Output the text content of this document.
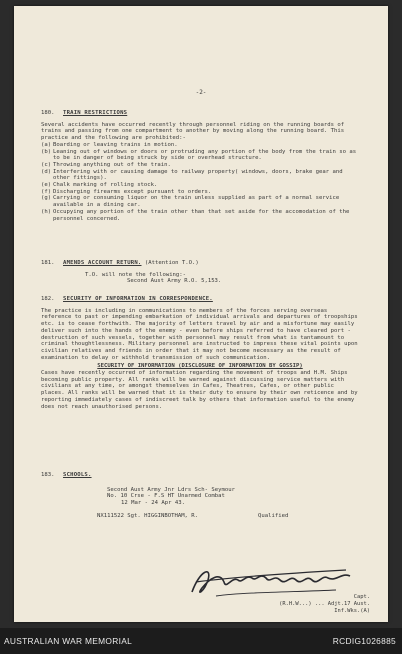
-2-

180. TRAIN RESTRICTIONS

Several accidents have occurred recently through personnel riding on the running boards of trains and passing from one compartment to another by moving along the running board. This practice and the following are prohibited:-

(a) Boarding or leaving trains in motion.
(b) Leaning out of windows or doors or protruding any portion of the body from the train so as to be in danger of being struck by side or overhead structure.
(c) Throwing anything out of the train.
(d) Interfering with or causing damage to railway property( windows, doors, brake gear and other fittings).
(e) Chalk marking of rolling stock.
(f) Discharging firearms except pursuant to orders.
(g) Carrying or consuming liquor on the train unless supplied as part of a normal service available in a dining car.
(h) Occupying any portion of the train other than that set aside for the accomodation of the personnel concerned.

181. AMENDS ACCOUNT RETURN. (Attention T.O.)

T.O. will note the following:-

Second Aust Army R.O. 5,153.

182. SECURITY OF INFORMATION IN CORRESPONDENCE.

The practice is including in communications to members of the forces serving overseas reference to past or impending embarkation of individual arrivals and departures of troopships etc. is to cease forthwith. The majority of letters travel by air and a misfortune may easily deliver such into the hands of the enemy - even before ships referred to have cleared port - destruction of such vessels, together with personnel may result from what is tantamount to criminal thoughtlessness. Military personnel are instructed to impress these vital points upon civilian relatives and friends in order that it may not become necessary as the result of examination to delay or withhold transmission of such communication.

SECURITY OF INFORMATION (DISCLOSURE OF INFORMATION BY GOSSIP)

Cases have recently occurred of information regarding the movement of troops and H.M. Ships becoming public property. All ranks will be warned against discussing service matters with civilians at any time, or amongst themselves in Cafes, Theatres, Cafes, or other public places. All ranks will be warned that it is their duty to ensure by their own reticence and by reporting immediately cases of indiscreet talk by others that information useful to the enemy does not reach unauthorised persons.

183. SCHOOLS.

Second Aust Army Jnr Ldrs Sch- Seymour

No. 10 Crse - F.S HT Unarmed Combat

12 Mar - 24 Apr 43.

NX111522 Sgt. HIGGINBOTHAM, R.	Qualified

Capt.
(R.H.W...) ... Adjt.17 Aust.
Inf.Wks.(A)
AUSTRALIAN WAR MEMORIAL	RCDIG1026885
